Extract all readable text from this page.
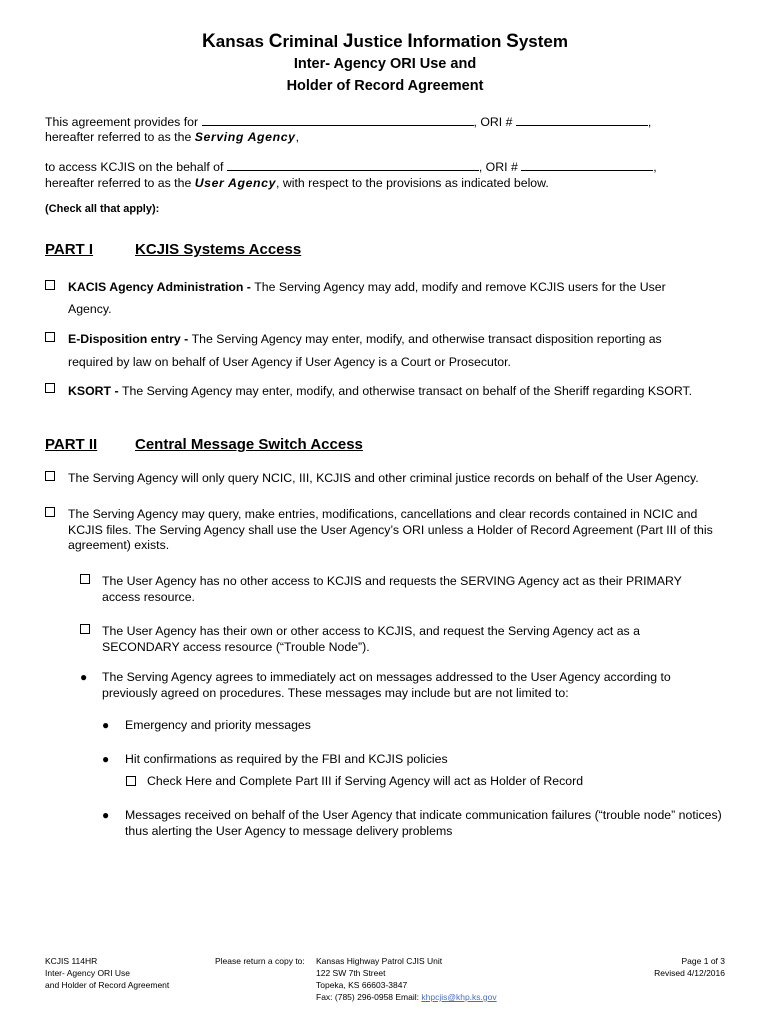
Kansas Criminal Justice Information System
Inter- Agency ORI Use and
Holder of Record Agreement
This agreement provides for	, ORI #	,
hereafter referred to as the Serving Agency,
to access KCJIS on the behalf of	, ORI #	,
hereafter referred to as the User Agency, with respect to the provisions as indicated below.
(Check all that apply):
PART I	KCJIS Systems Access
KACIS Agency Administration - The Serving Agency may add, modify and remove KCJIS users for the User
Agency.
E-Disposition entry - The Serving Agency may enter, modify, and otherwise transact disposition reporting as
required by law on behalf of User Agency if User Agency is a Court or Prosecutor.
KSORT - The Serving Agency may enter, modify, and otherwise transact on behalf of the Sheriff regarding KSORT.
PART II	Central Message Switch Access
The Serving Agency will only query NCIC, III, KCJIS and other criminal justice records on behalf of the User Agency.
The Serving Agency may query, make entries, modifications, cancellations and clear records contained in NCIC and KCJIS files. The Serving Agency shall use the User Agency’s ORI unless a Holder of Record Agreement (Part III of this agreement) exists.
The User Agency has no other access to KCJIS and requests the SERVING Agency act as their PRIMARY access resource.
The User Agency has their own or other access to KCJIS, and request the Serving Agency act as a SECONDARY access resource (“Trouble Node”).
● The Serving Agency agrees to immediately act on messages addressed to the User Agency according to previously agreed on procedures. These messages may include but are not limited to:
● Emergency and priority messages
● Hit confirmations as required by the FBI and KCJIS policies
Check Here and Complete Part III if Serving Agency will act as Holder of Record
● Messages received on behalf of the User Agency that indicate communication failures (“trouble node” notices) thus alerting the User Agency to message delivery problems
KCJIS 114HR
Inter- Agency ORI Use
and Holder of Record Agreement
Please return a copy to: Kansas Highway Patrol CJIS Unit
122 SW 7th Street
Topeka, KS 66603-3847
Fax: (785) 296-0958 Email: khpcjis@khp.ks.gov
Page 1 of 3
Revised 4/12/2016
